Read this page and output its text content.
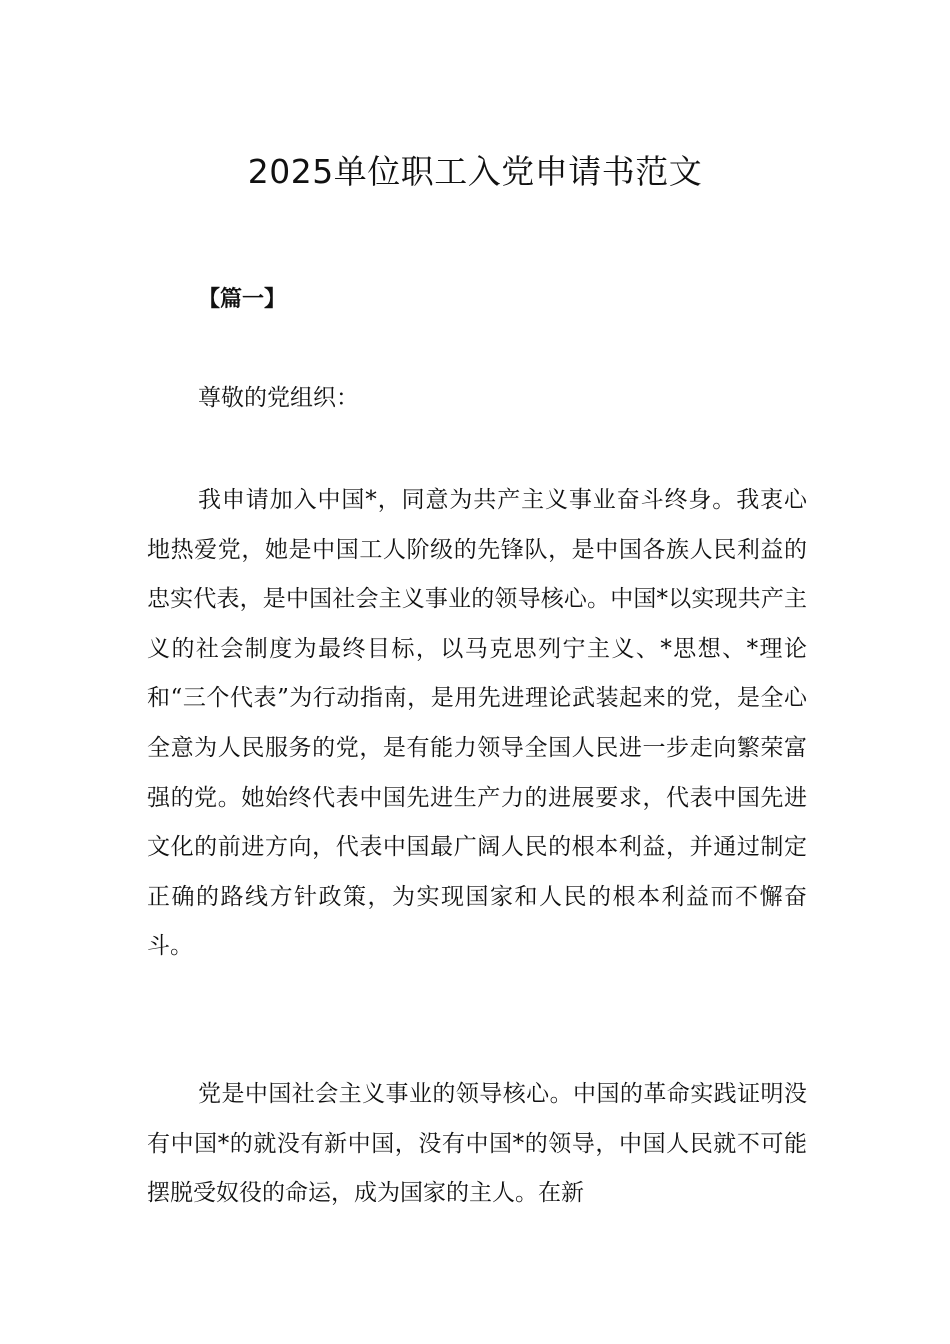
2025单位职工入党申请书范文
【篇一】
尊敬的党组织：

我申请加入中国*，同意为共产主义事业奋斗终身。我衷心地热爱党，她是中国工人阶级的先锋队，是中国各族人民利益的忠实代表，是中国社会主义事业的领导核心。中国*以实现共产主义的社会制度为最终目标，以马克思列宁主义、*思想、*理论和“三个代表”为行动指南，是用先进理论武装起来的党，是全心全意为人民服务的党，是有能力领导全国人民进一步走向繁荣富强的党。她始终代表中国先进生产力的进展要求，代表中国先进文化的前进方向，代表中国最广阔人民的根本利益，并通过制定正确的路线方针政策，为实现国家和人民的根本利益而不懈奋斗。

党是中国社会主义事业的领导核心。中国的革命实践证明没有中国*的就没有新中国，没有中国*的领导，中国人民就不可能摆脱受奴役的命运，成为国家的主人。在新
